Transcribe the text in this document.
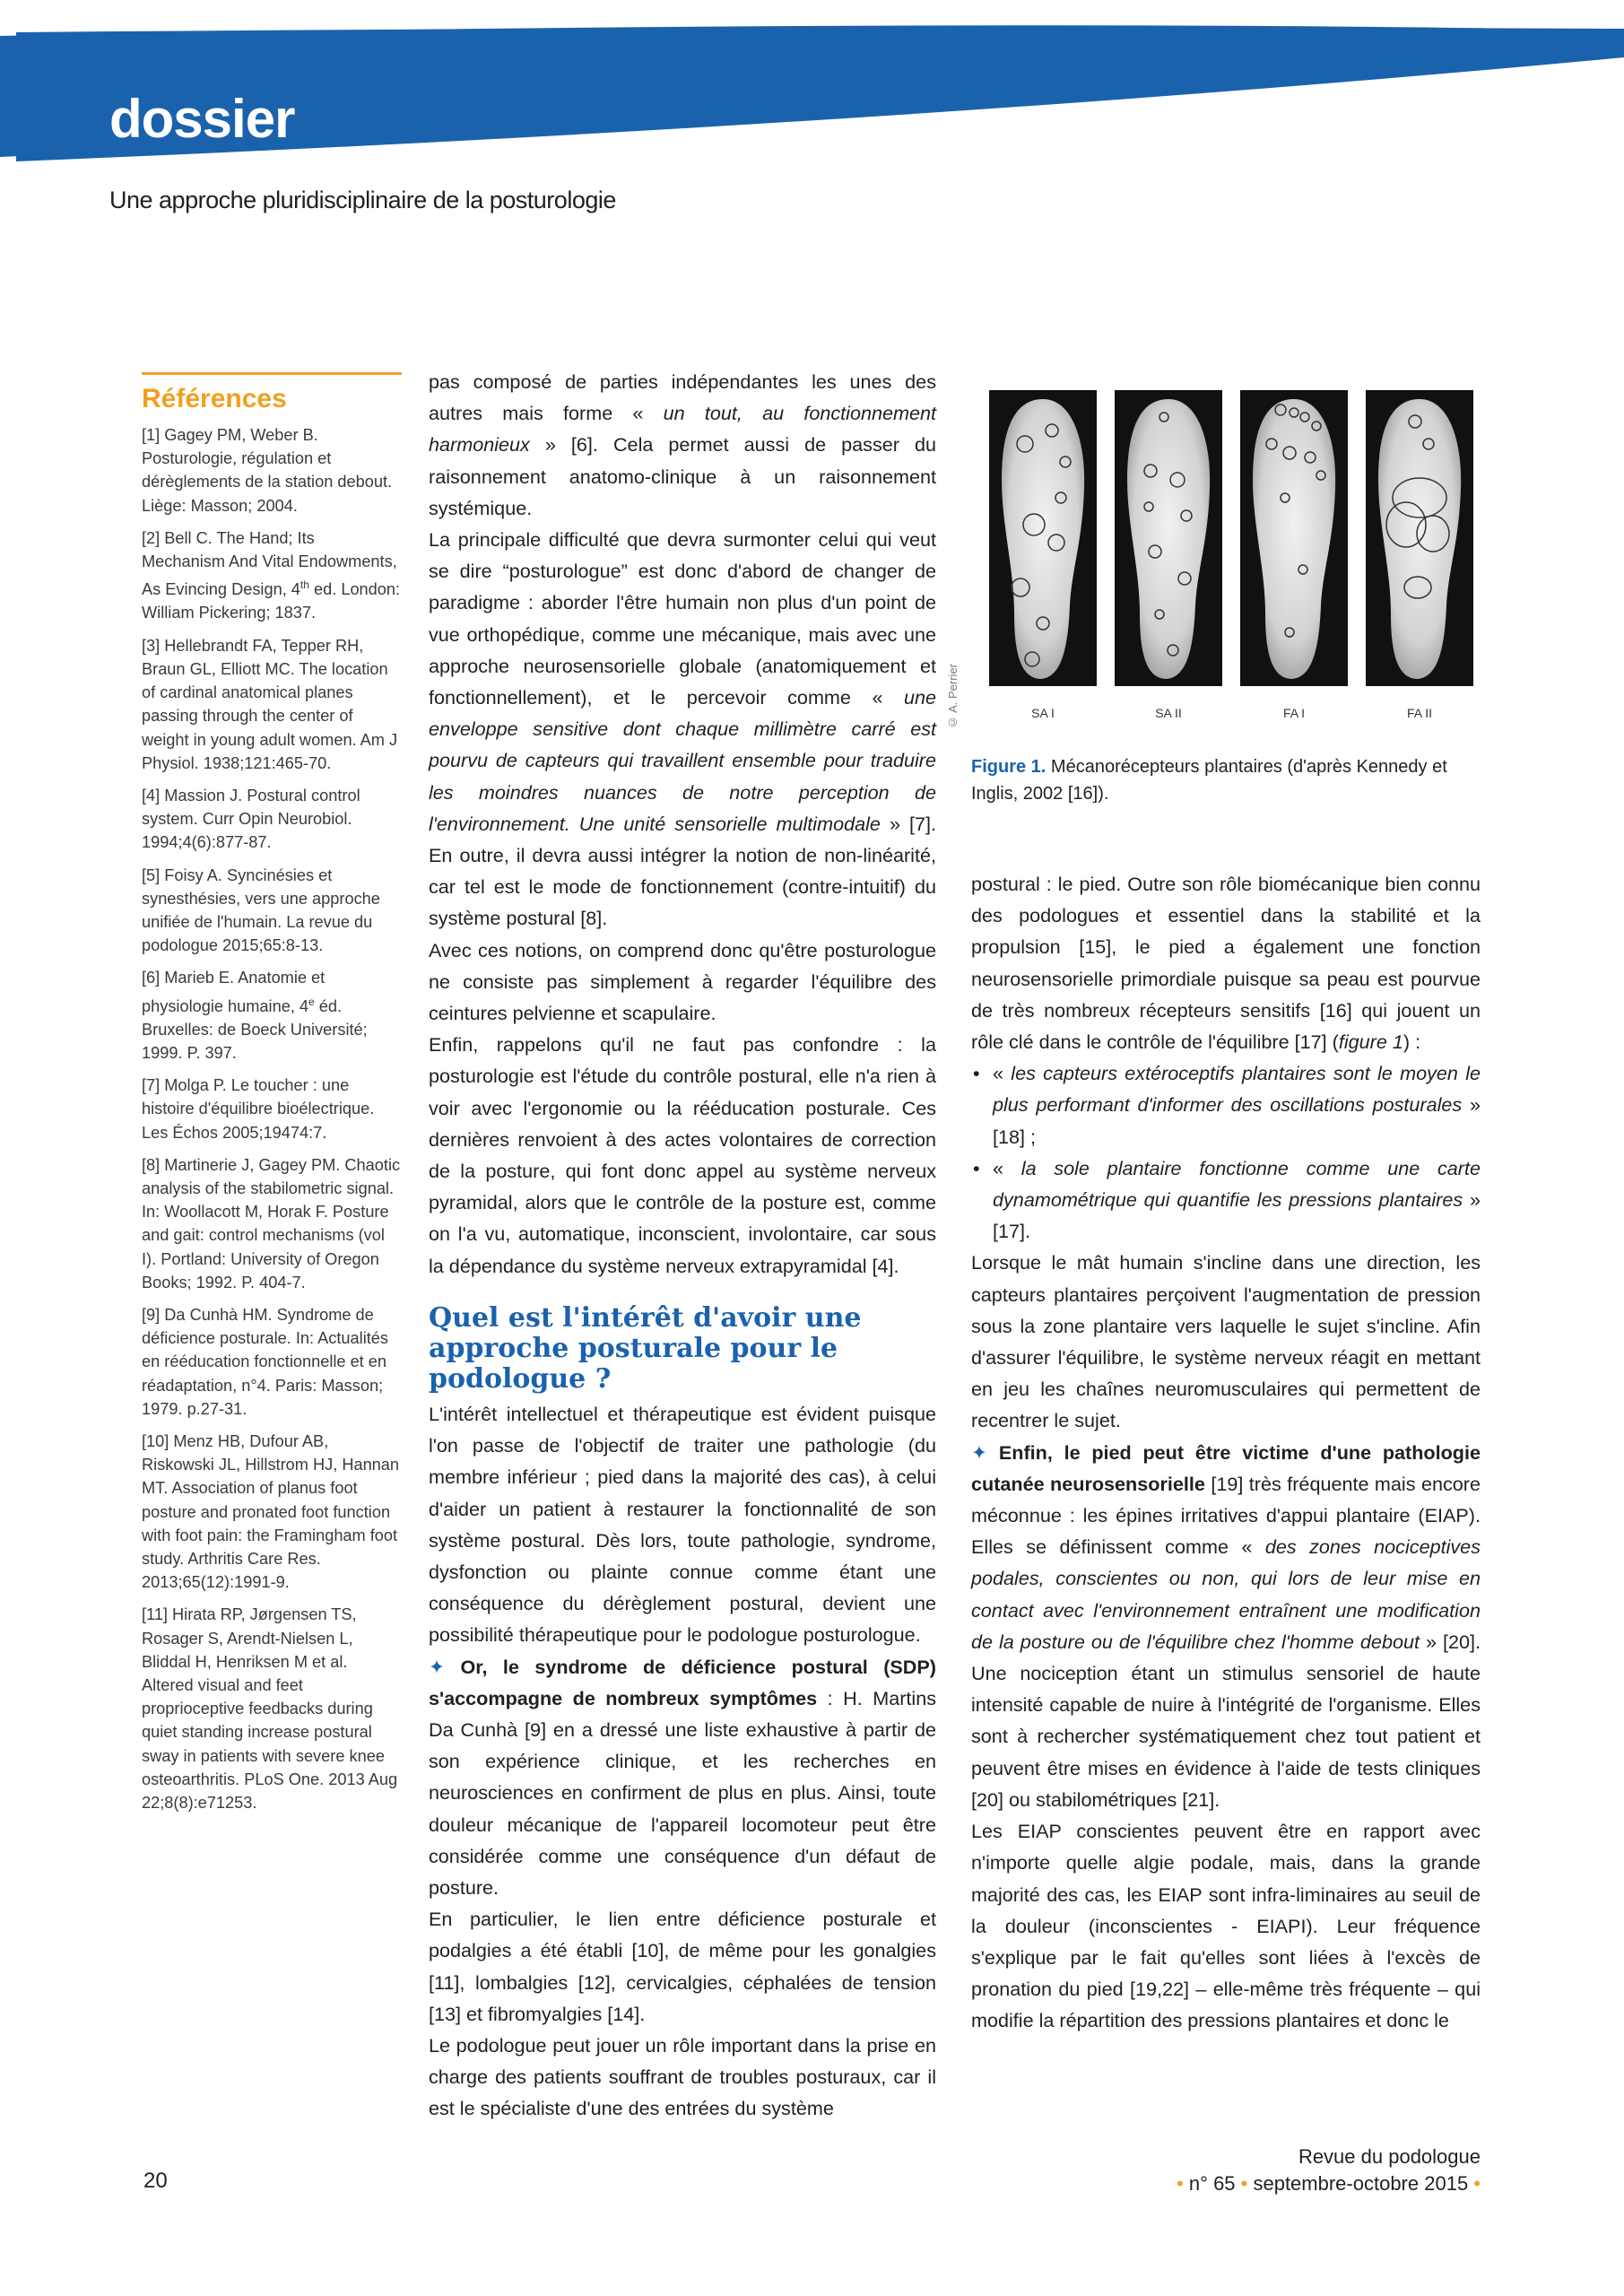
dossier
Une approche pluridisciplinaire de la posturologie
Références

[1] Gagey PM, Weber B. Posturologie, régulation et dérèglements de la station debout. Liège: Masson; 2004.

[2] Bell C. The Hand; Its Mechanism And Vital Endowments, As Evincing Design, 4th ed. London: William Pickering; 1837.

[3] Hellebrandt FA, Tepper RH, Braun GL, Elliott MC. The location of cardinal anatomical planes passing through the center of weight in young adult women. Am J Physiol. 1938;121:465-70.

[4] Massion J. Postural control system. Curr Opin Neurobiol. 1994;4(6):877-87.

[5] Foisy A. Syncinésies et synesthésies, vers une approche unifiée de l'humain. La revue du podologue 2015;65:8-13.

[6] Marieb E. Anatomie et physiologie humaine, 4e éd. Bruxelles: de Boeck Université; 1999. P. 397.

[7] Molga P. Le toucher : une histoire d'équilibre bioélectrique. Les Échos 2005;19474:7.

[8] Martinerie J, Gagey PM. Chaotic analysis of the stabilometric signal. In: Woollacott M, Horak F. Posture and gait: control mechanisms (vol I). Portland: University of Oregon Books; 1992. P. 404-7.

[9] Da Cunhà HM. Syndrome de déficience posturale. In: Actualités en rééducation fonctionnelle et en réadaptation, n°4. Paris: Masson; 1979. p.27-31.

[10] Menz HB, Dufour AB, Riskowski JL, Hillstrom HJ, Hannan MT. Association of planus foot posture and pronated foot function with foot pain: the Framingham foot study. Arthritis Care Res. 2013;65(12):1991-9.

[11] Hirata RP, Jørgensen TS, Rosager S, Arendt-Nielsen L, Bliddal H, Henriksen M et al. Altered visual and feet proprioceptive feedbacks during quiet standing increase postural sway in patients with severe knee osteoarthritis. PLoS One. 2013 Aug 22;8(8):e71253.

pas composé de parties indépendantes les unes des autres mais forme « un tout, au fonctionnement harmonieux » [6]. Cela permet aussi de passer du raisonnement anatomo-clinique à un raisonnement systémique.

La principale difficulté que devra surmonter celui qui veut se dire “posturologue” est donc d'abord de changer de paradigme : aborder l'être humain non plus d'un point de vue orthopédique, comme une mécanique, mais avec une approche neurosensorielle globale (anatomiquement et fonctionnellement), et le percevoir comme « une enveloppe sensitive dont chaque millimètre carré est pourvu de capteurs qui travaillent ensemble pour traduire les moindres nuances de notre perception de l'environnement. Une unité sensorielle multimodale » [7]. En outre, il devra aussi intégrer la notion de non-linéarité, car tel est le mode de fonctionnement (contre-intuitif) du système postural [8].

Avec ces notions, on comprend donc qu'être posturologue ne consiste pas simplement à regarder l'équilibre des ceintures pelvienne et scapulaire.

Enfin, rappelons qu'il ne faut pas confondre : la posturologie est l'étude du contrôle postural, elle n'a rien à voir avec l'ergonomie ou la rééducation posturale. Ces dernières renvoient à des actes volontaires de correction de la posture, qui font donc appel au système nerveux pyramidal, alors que le contrôle de la posture est, comme on l'a vu, automatique, inconscient, involontaire, car sous la dépendance du système nerveux extrapyramidal [4].

Quel est l'intérêt d'avoir une approche posturale pour le podologue ?

L'intérêt intellectuel et thérapeutique est évident puisque l'on passe de l'objectif de traiter une pathologie (du membre inférieur ; pied dans la majorité des cas), à celui d'aider un patient à restaurer la fonctionnalité de son système postural. Dès lors, toute pathologie, syndrome, dysfonction ou plainte connue comme étant une conséquence du dérèglement postural, devient une possibilité thérapeutique pour le podologue posturologue.

✦ Or, le syndrome de déficience postural (SDP) s'accompagne de nombreux symptômes : H. Martins Da Cunhà [9] en a dressé une liste exhaustive à partir de son expérience clinique, et les recherches en neurosciences en confirment de plus en plus. Ainsi, toute douleur mécanique de l'appareil locomoteur peut être considérée comme une conséquence d'un défaut de posture.

En particulier, le lien entre déficience posturale et podalgies a été établi [10], de même pour les gonalgies [11], lombalgies [12], cervicalgies, céphalées de tension [13] et fibromyalgies [14].

Le podologue peut jouer un rôle important dans la prise en charge des patients souffrant de troubles posturaux, car il est le spécialiste d'une des entrées du système

SA I	SA II	FA I	FA II
© A. Perrier
Figure 1. Mécanorécepteurs plantaires (d'après Kennedy et Inglis, 2002 [16]).

postural : le pied. Outre son rôle biomécanique bien connu des podologues et essentiel dans la stabilité et la propulsion [15], le pied a également une fonction neurosensorielle primordiale puisque sa peau est pourvue de très nombreux récepteurs sensitifs [16] qui jouent un rôle clé dans le contrôle de l'équilibre [17] (figure 1) :

• « les capteurs extéroceptifs plantaires sont le moyen le plus performant d'informer des oscillations posturales » [18] ;

• « la sole plantaire fonctionne comme une carte dynamométrique qui quantifie les pressions plantaires » [17].

Lorsque le mât humain s'incline dans une direction, les capteurs plantaires perçoivent l'augmentation de pression sous la zone plantaire vers laquelle le sujet s'incline. Afin d'assurer l'équilibre, le système nerveux réagit en mettant en jeu les chaînes neuromusculaires qui permettent de recentrer le sujet.

✦ Enfin, le pied peut être victime d'une pathologie cutanée neurosensorielle [19] très fréquente mais encore méconnue : les épines irritatives d'appui plantaire (EIAP). Elles se définissent comme « des zones nociceptives podales, conscientes ou non, qui lors de leur mise en contact avec l'environnement entraînent une modification de la posture ou de l'équilibre chez l'homme debout » [20]. Une nociception étant un stimulus sensoriel de haute intensité capable de nuire à l'intégrité de l'organisme. Elles sont à rechercher systématiquement chez tout patient et peuvent être mises en évidence à l'aide de tests cliniques [20] ou stabilométriques [21].

Les EIAP conscientes peuvent être en rapport avec n'importe quelle algie podale, mais, dans la grande majorité des cas, les EIAP sont infra-liminaires au seuil de la douleur (inconscientes - EIAPI). Leur fréquence s'explique par le fait qu'elles sont liées à l'excès de pronation du pied [19,22] – elle-même très fréquente – qui modifie la répartition des pressions plantaires et donc le

20
Revue du podologue
• n° 65 • septembre-octobre 2015 •
